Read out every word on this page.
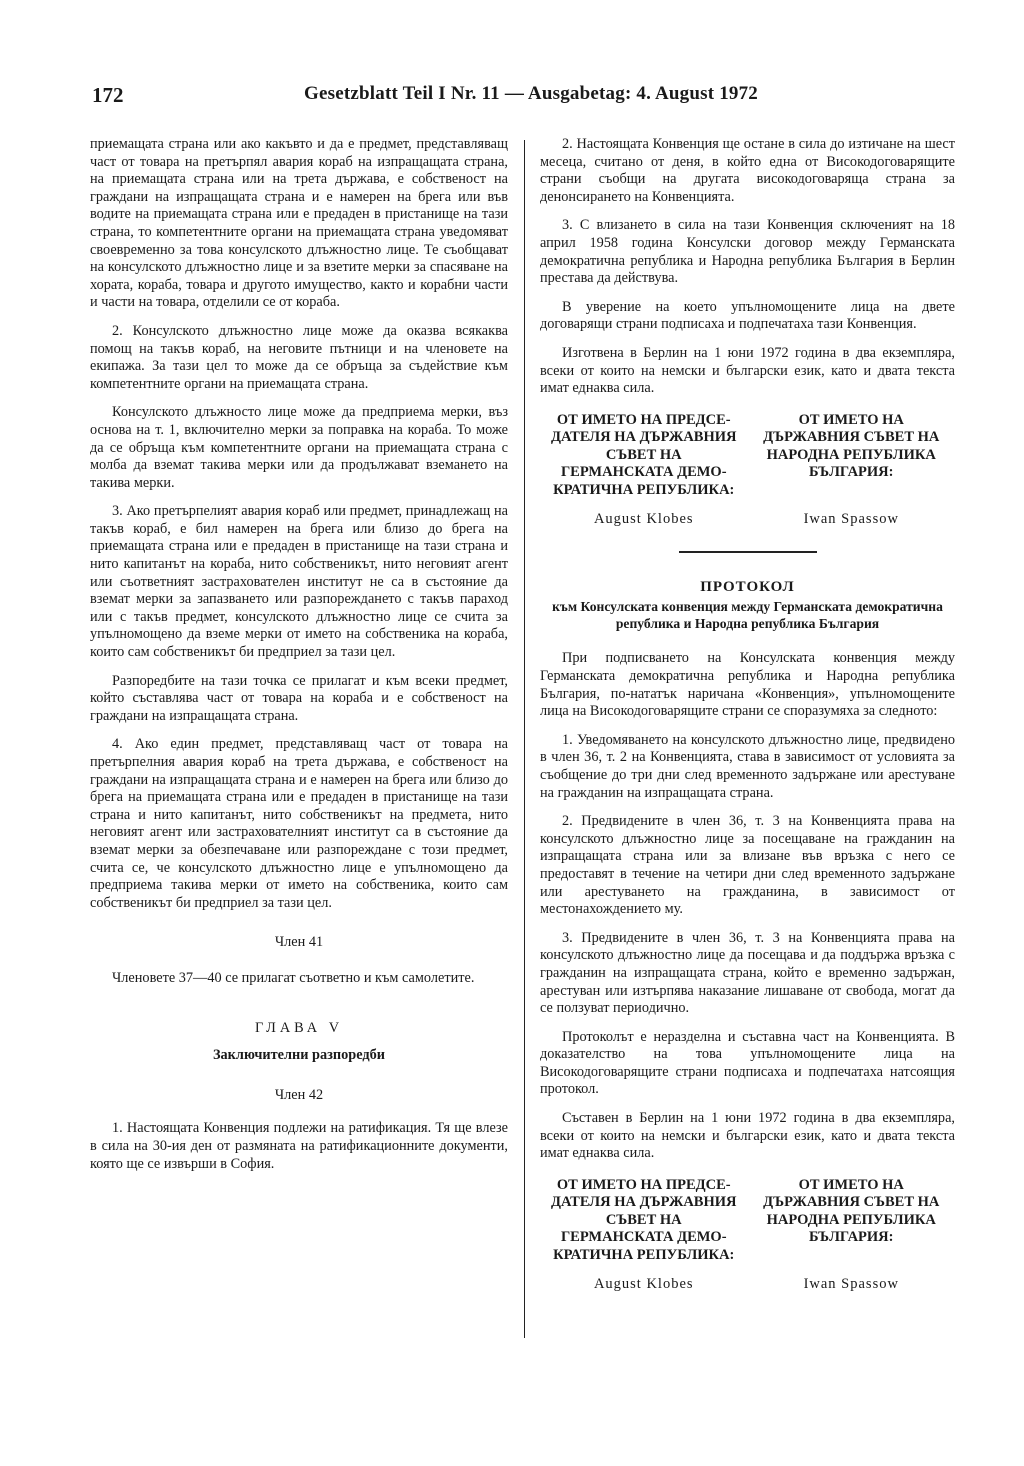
172	Gesetzblatt Teil I Nr. 11 — Ausgabetag: 4. August 1972

приемащата страна или ако какъвто и да е предмет, представляващ част от товара на претърпял авария кораб на изпращащата страна, на приемащата страна или на трета държава, е собственост на граждани на изпращащата страна и е намерен на брега или във водите на приемащата страна или е предаден в пристанище на тази страна, то компетентните органи на приемащата страна уведомяват своевременно за това консулското длъжностно лице. Те съобщават на консулското длъжностно лице и за взетите мерки за спасяване на хората, кораба, товара и другото имущество, както и корабни части и части на товара, отделили се от кораба.

2. Консулското длъжностно лице може да оказва всякаква помощ на такъв кораб, на неговите пътници и на членовете на екипажа. За тази цел то може да се обръща за съдействие към компетентните органи на приемащата страна.

Консулското длъжносто лице може да предприема мерки, въз основа на т. 1, включително мерки за поправка на кораба. То може да се обръща към компетентните органи на приемащата страна с молба да вземат такива мерки или да продължават вземането на такива мерки.

3. Ако претърпелият авария кораб или предмет, принадлежащ на такъв кораб, е бил намерен на брега или близо до брега на приемащата страна или е предаден в пристанище на тази страна и нито капитанът на кораба, нито собственикът, нито неговият агент или съответният застрахователен институт не са в състояние да вземат мерки за запазването или разпореждането с такъв параход или с такъв предмет, консулското длъжностно лице се счита за упълномощено да вземе мерки от името на собственика на кораба, които сам собственикът би предприел за тази цел.

Разпоредбите на тази точка се прилагат и към всеки предмет, който съставлява част от товара на кораба и е собственост на граждани на изпращащата страна.

4. Ако един предмет, представляващ част от товара на претърпелния авария кораб на трета държава, е собственост на граждани на изпращащата страна и е намерен на брега или близо до брега на приемащата страна или е предаден в пристанище на тази страна и нито капитанът, нито собственикът на предмета, нито неговият агент или застрахователният институт са в състояние да вземат мерки за обезпечаване или разпореждане с този предмет, счита се, че консулското длъжностно лице е упълномощено да предприема такива мерки от името на собственика, които сам собственикът би предприел за тази цел.

Член 41

Членовете 37—40 се прилагат съответно и към самолетите.

ГЛАВА V

Заключителни разпоредби

Член 42

1. Настоящата Конвенция подлежи на ратификация. Тя ще влезе в сила на 30-ия ден от размяната на ратификационните документи, която ще се извърши в София.

2. Настоящата Конвенция ще остане в сила до изтичане на шест месеца, считано от деня, в който една от Високодоговарящите страни съобщи на другата високодоговаряща страна за денонсирането на Конвенцията.

3. С влизането в сила на тази Конвенция сключеният на 18 април 1958 година Консулски договор между Германската демократична република и Народна република България в Берлин престава да действува.

В уверение на което упълномощените лица на двете договарящи страни подписаха и подпечатаха тази Конвенция.

Изготвена в Берлин на 1 юни 1972 година в два екземпляра, всеки от които на немски и български език, като и двата текста имат еднаква сила.

ОТ ИМЕТО НА ПРЕДСЕ-
ДАТЕЛЯ НА ДЪРЖАВНИЯ
СЪВЕТ НА
ГЕРМАНСКАТА ДЕМО-
КРАТИЧНА РЕПУБЛИКА:
ОТ ИМЕТО НА
ДЪРЖАВНИЯ СЪВЕТ НА
НАРОДНА РЕПУБЛИКА
БЪЛГАРИЯ:
August Klobes	Iwan Spassow

ПРОТОКОЛ

към Консулската конвенция между Германската демократична република и Народна република България

При подписването на Консулската конвенция между Германската демократична република и Народна република България, по-нататък наричана «Конвенция», упълномощените лица на Високодоговарящите страни се споразумяха за следното:

1. Уведомяването на консулското длъжностно лице, предвидено в член 36, т. 2 на Конвенцията, става в зависимост от условията за съобщение до три дни след временното задържане или арестуване на гражданин на изпращащата страна.

2. Предвидените в член 36, т. 3 на Конвенцията права на консулското длъжностно лице за посещаване на гражданин на изпращащата страна или за влизане във връзка с него се предоставят в течение на четири дни след временното задържане или арестуването на гражданина, в зависимост от местонахождението му.

3. Предвидените в член 36, т. 3 на Конвенцията права на консулското длъжностно лице да посещава и да поддържа връзка с гражданин на изпращащата страна, който е временно задържан, арестуван или изтърпява наказание лишаване от свобода, могат да се ползуват периодично.

Протоколът е неразделна и съставна част на Конвенцията. В доказателство на това упълномощените лица на Високодоговарящите страни подписаха и подпечатаха натсоящия протокол.

Съставен в Берлин на 1 юни 1972 година в два екземпляра, всеки от които на немски и български език, като и двата текста имат еднаква сила.

ОТ ИМЕТО НА ПРЕДСЕ-
ДАТЕЛЯ НА ДЪРЖАВНИЯ
СЪВЕТ НА
ГЕРМАНСКАТА ДЕМО-
КРАТИЧНА РЕПУБЛИКА:
ОТ ИМЕТО НА
ДЪРЖАВНИЯ СЪВЕТ НА
НАРОДНА РЕПУБЛИКА
БЪЛГАРИЯ:
August Klobes	Iwan Spassow
